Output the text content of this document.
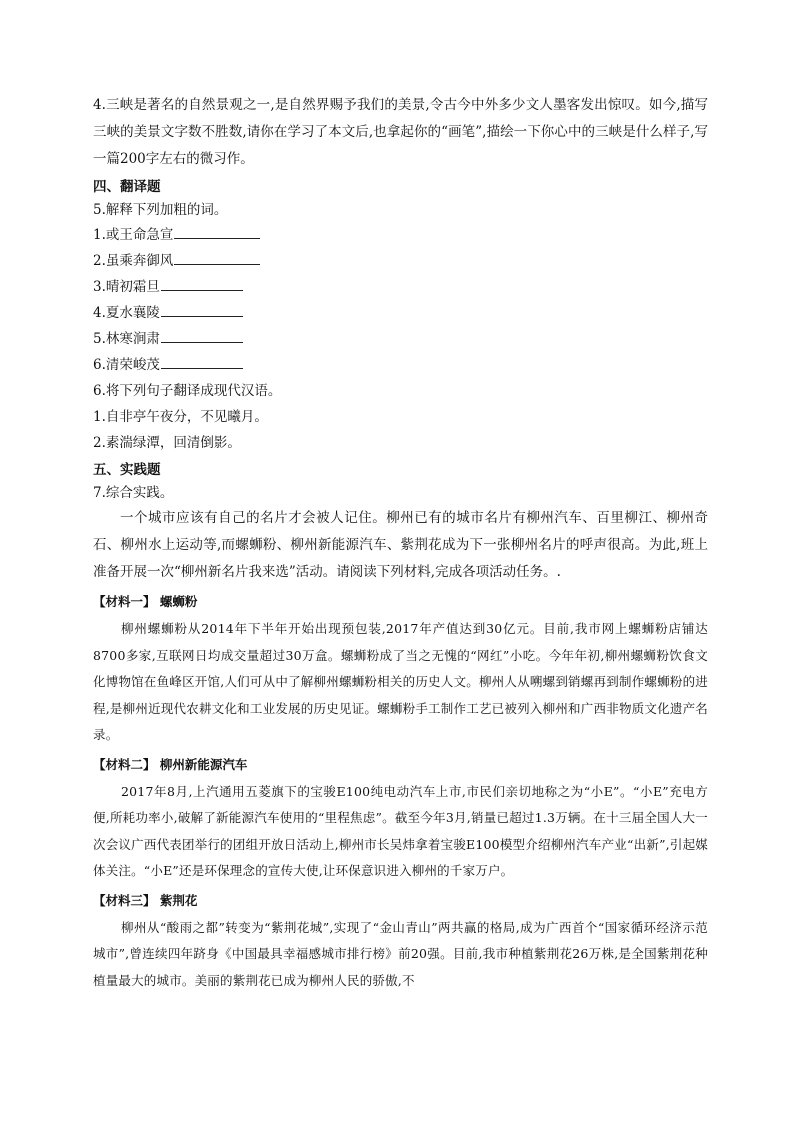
4.三峡是著名的自然景观之一,是自然界赐予我们的美景,令古今中外多少文人墨客发出惊叹。如今,描写三峡的美景文字数不胜数,请你在学习了本文后,也拿起你的“画笔”,描绘一下你心中的三峡是什么样子,写一篇200字左右的微习作。

四、翻译题

5.解释下列加粗的词。

1.或王命急宣
2.虽乘奔御风
3.晴初霜旦
4.夏水襄陵
5.林寒涧肃
6.清荣峻茂

6.将下列句子翻译成现代汉语。

1.自非亭午夜分，不见曦月。

2.素湍绿潭，回清倒影。

五、实践题

7.综合实践。

一个城市应该有自己的名片才会被人记住。柳州已有的城市名片有柳州汽车、百里柳江、柳州奇石、柳州水上运动等,而螺蛳粉、柳州新能源汽车、紫荆花成为下一张柳州名片的呼声很高。为此,班上准备开展一次“柳州新名片我来选”活动。请阅读下列材料,完成各项活动任务。.

【材料一】 螺蛳粉

柳州螺蛳粉从2014年下半年开始出现预包装,2017年产值达到30亿元。目前,我市网上螺蛳粉店铺达8700多家,互联网日均成交量超过30万盒。螺蛳粉成了当之无愧的“网红”小吃。今年年初,柳州螺蛳粉饮食文化博物馆在鱼峰区开馆,人们可从中了解柳州螺蛳粉相关的历史人文。柳州人从嗍螺到销螺再到制作螺蛳粉的进程,是柳州近现代农耕文化和工业发展的历史见证。螺蛳粉手工制作工艺已被列入柳州和广西非物质文化遗产名录。

【材料二】 柳州新能源汽车

2017年8月,上汽通用五菱旗下的宝骏E100纯电动汽车上市,市民们亲切地称之为“小E”。“小E”充电方便,所耗功率小,破解了新能源汽车使用的“里程焦虑”。截至今年3月,销量已超过1.3万辆。在十三届全国人大一次会议广西代表团举行的团组开放日活动上,柳州市长吴炜拿着宝骏E100模型介绍柳州汽车产业“出新”,引起媒体关注。“小E”还是环保理念的宣传大使,让环保意识进入柳州的千家万户。

【材料三】 紫荆花

柳州从“酸雨之都”转变为“紫荆花城”,实现了“金山青山”两共赢的格局,成为广西首个“国家循环经济示范城市”,曾连续四年跻身《中国最具幸福感城市排行榜》前20强。目前,我市种植紫荆花26万株,是全国紫荆花种植量最大的城市。美丽的紫荆花已成为柳州人民的骄傲,不
